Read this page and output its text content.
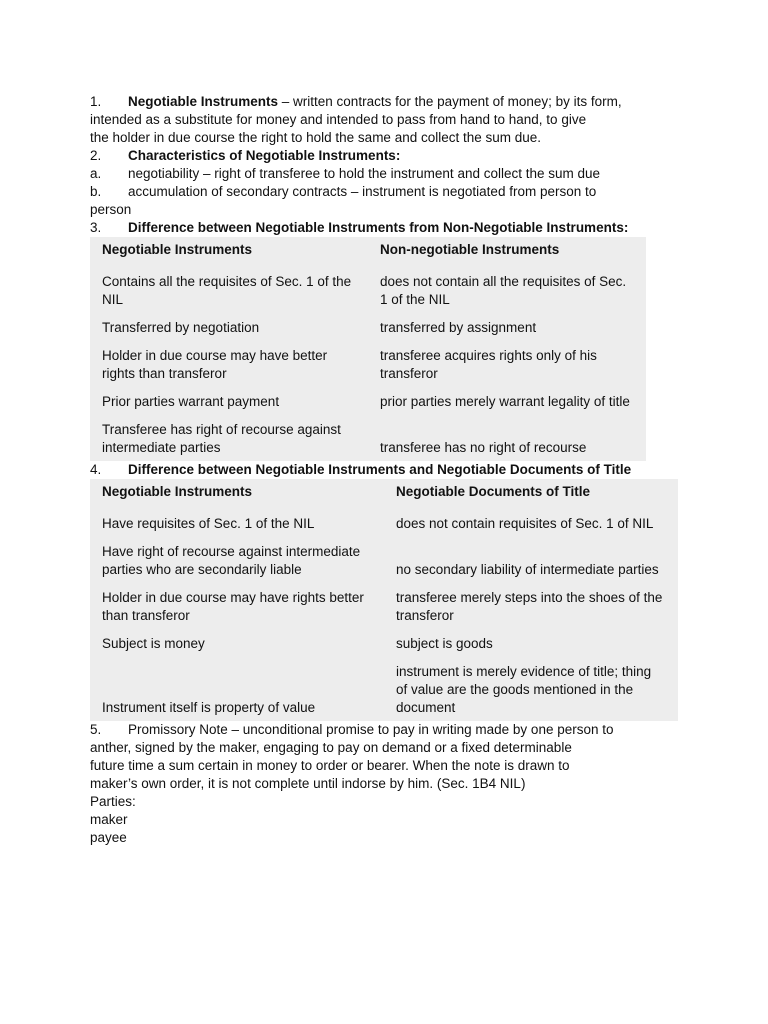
1. Negotiable Instruments – written contracts for the payment of money; by its form,
intended as a substitute for money and intended to pass from hand to hand, to give
the holder in due course the right to hold the same and collect the sum due.
2. Characteristics of Negotiable Instruments:
a. negotiability – right of transferee to hold the instrument and collect the sum due
b. accumulation of secondary contracts – instrument is negotiated from person to
person
3. Difference between Negotiable Instruments from Non-Negotiable Instruments:
Negotiable Instruments	Non-negotiable Instruments
Contains all the requisites of Sec. 1 of the NIL	does not contain all the requisites of Sec. 1 of the NIL
Transferred by negotiation	transferred by assignment
Holder in due course may have better rights than transferor	transferee acquires rights only of his transferor
Prior parties warrant payment	prior parties merely warrant legality of title
Transferee has right of recourse against intermediate parties	transferee has no right of recourse
4. Difference between Negotiable Instruments and Negotiable Documents of Title
Negotiable Instruments	Negotiable Documents of Title
Have requisites of Sec. 1 of the NIL	does not contain requisites of Sec. 1 of NIL
Have right of recourse against intermediate parties who are secondarily liable	no secondary liability of intermediate parties
Holder in due course may have rights better than transferor	transferee merely steps into the shoes of the transferor
Subject is money	subject is goods
Instrument itself is property of value	instrument is merely evidence of title; thing of value are the goods mentioned in the document
5. Promissory Note – unconditional promise to pay in writing made by one person to
anther, signed by the maker, engaging to pay on demand or a fixed determinable
future time a sum certain in money to order or bearer. When the note is drawn to
maker’s own order, it is not complete until indorse by him. (Sec. 1B4 NIL)
Parties:
maker
payee
